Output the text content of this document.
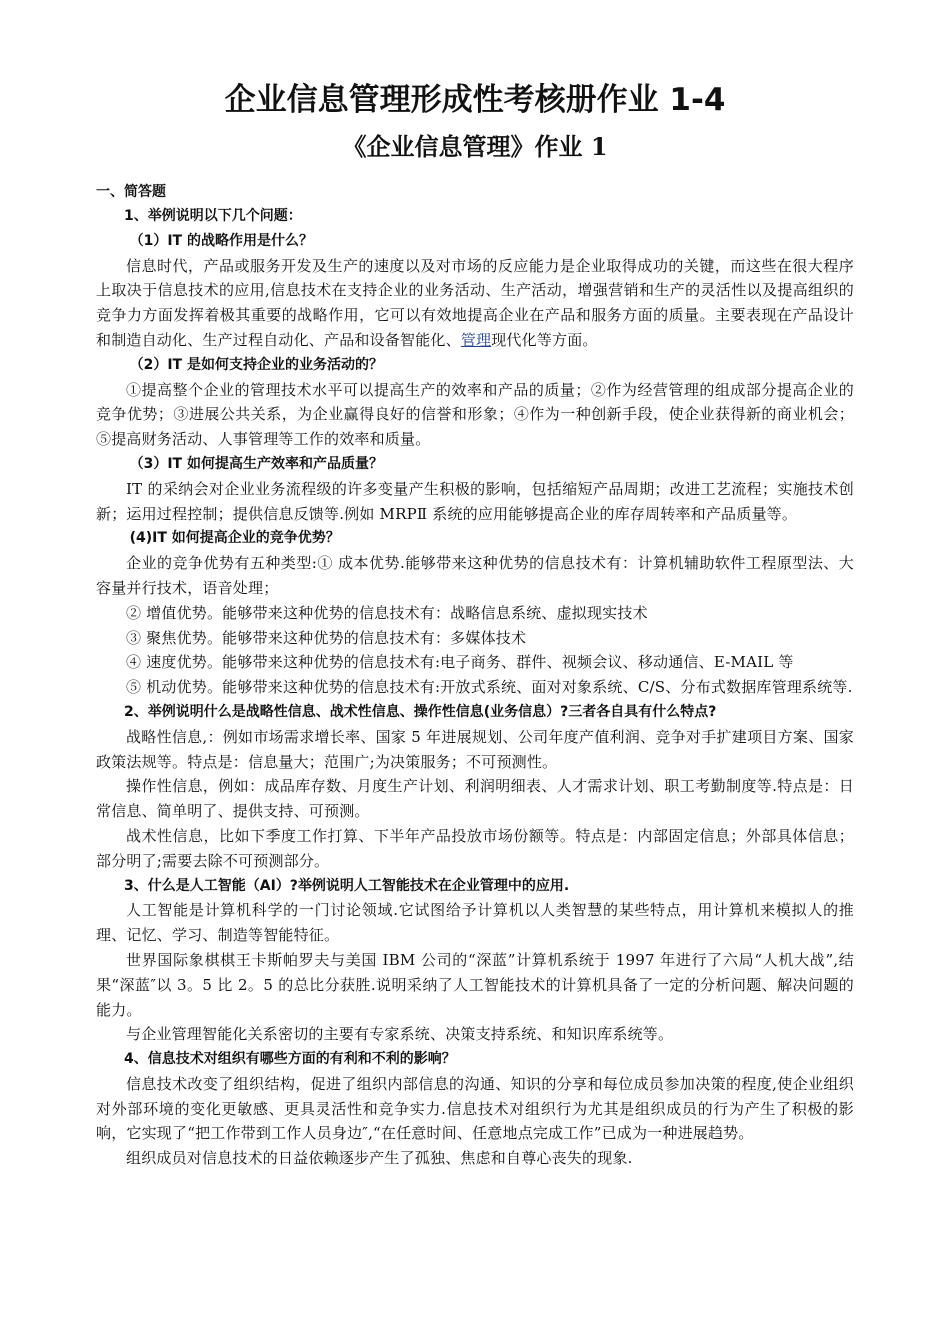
企业信息管理形成性考核册作业 1-4
《企业信息管理》作业 1

一、简答题

1、举例说明以下几个问题：

（1）IT 的战略作用是什么？

信息时代，产品或服务开发及生产的速度以及对市场的反应能力是企业取得成功的关键，而这些在很大程序上取决于信息技术的应用,信息技术在支持企业的业务活动、生产活动，增强营销和生产的灵活性以及提高组织的竞争力方面发挥着极其重要的战略作用，它可以有效地提高企业在产品和服务方面的质量。主要表现在产品设计和制造自动化、生产过程自动化、产品和设备智能化、管理现代化等方面。

（2）IT 是如何支持企业的业务活动的？

①提高整个企业的管理技术水平可以提高生产的效率和产品的质量；②作为经营管理的组成部分提高企业的竞争优势；③进展公共关系，为企业赢得良好的信誉和形象；④作为一种创新手段，使企业获得新的商业机会；⑤提高财务活动、人事管理等工作的效率和质量。

（3）IT 如何提高生产效率和产品质量？

IT 的采纳会对企业业务流程级的许多变量产生积极的影响，包括缩短产品周期；改进工艺流程；实施技术创新；运用过程控制；提供信息反馈等.例如 MRPⅡ 系统的应用能够提高企业的库存周转率和产品质量等。

(4)IT 如何提高企业的竞争优势？

企业的竞争优势有五种类型:① 成本优势.能够带来这种优势的信息技术有：计算机辅助软件工程原型法、大容量并行技术，语音处理；

② 增值优势。能够带来这种优势的信息技术有：战略信息系统、虚拟现实技术

③ 聚焦优势。能够带来这种优势的信息技术有：多媒体技术

④ 速度优势。能够带来这种优势的信息技术有:电子商务、群件、视频会议、移动通信、E-MAIL 等

⑤ 机动优势。能够带来这种优势的信息技术有:开放式系统、面对对象系统、C/S、分布式数据库管理系统等.

2、举例说明什么是战略性信息、战术性信息、操作性信息(业务信息）?三者各自具有什么特点?

战略性信息,：例如市场需求增长率、国家 5 年进展规划、公司年度产值利润、竞争对手扩建项目方案、国家政策法规等。特点是：信息量大；范围广;为决策服务；不可预测性。

操作性信息，例如：成品库存数、月度生产计划、利润明细表、人才需求计划、职工考勤制度等.特点是：日常信息、简单明了、提供支持、可预测。

战术性信息，比如下季度工作打算、下半年产品投放市场份额等。特点是：内部固定信息；外部具体信息；部分明了;需要去除不可预测部分。

3、什么是人工智能（AI）?举例说明人工智能技术在企业管理中的应用.

人工智能是计算机科学的一门讨论领域.它试图给予计算机以人类智慧的某些特点，用计算机来模拟人的推理、记忆、学习、制造等智能特征。

世界国际象棋棋王卡斯帕罗夫与美国 IBM 公司的“深蓝”计算机系统于 1997 年进行了六局“人机大战”,结果“深蓝″以 3。5 比 2。5 的总比分获胜.说明采纳了人工智能技术的计算机具备了一定的分析问题、解决问题的能力。

与企业管理智能化关系密切的主要有专家系统、决策支持系统、和知识库系统等。

4、信息技术对组织有哪些方面的有利和不利的影响？

信息技术改变了组织结构，促进了组织内部信息的沟通、知识的分享和每位成员参加决策的程度,使企业组织对外部环境的变化更敏感、更具灵活性和竞争实力.信息技术对组织行为尤其是组织成员的行为产生了积极的影响，它实现了“把工作带到工作人员身边″,“在任意时间、任意地点完成工作”已成为一种进展趋势。

组织成员对信息技术的日益依赖逐步产生了孤独、焦虑和自尊心丧失的现象.
